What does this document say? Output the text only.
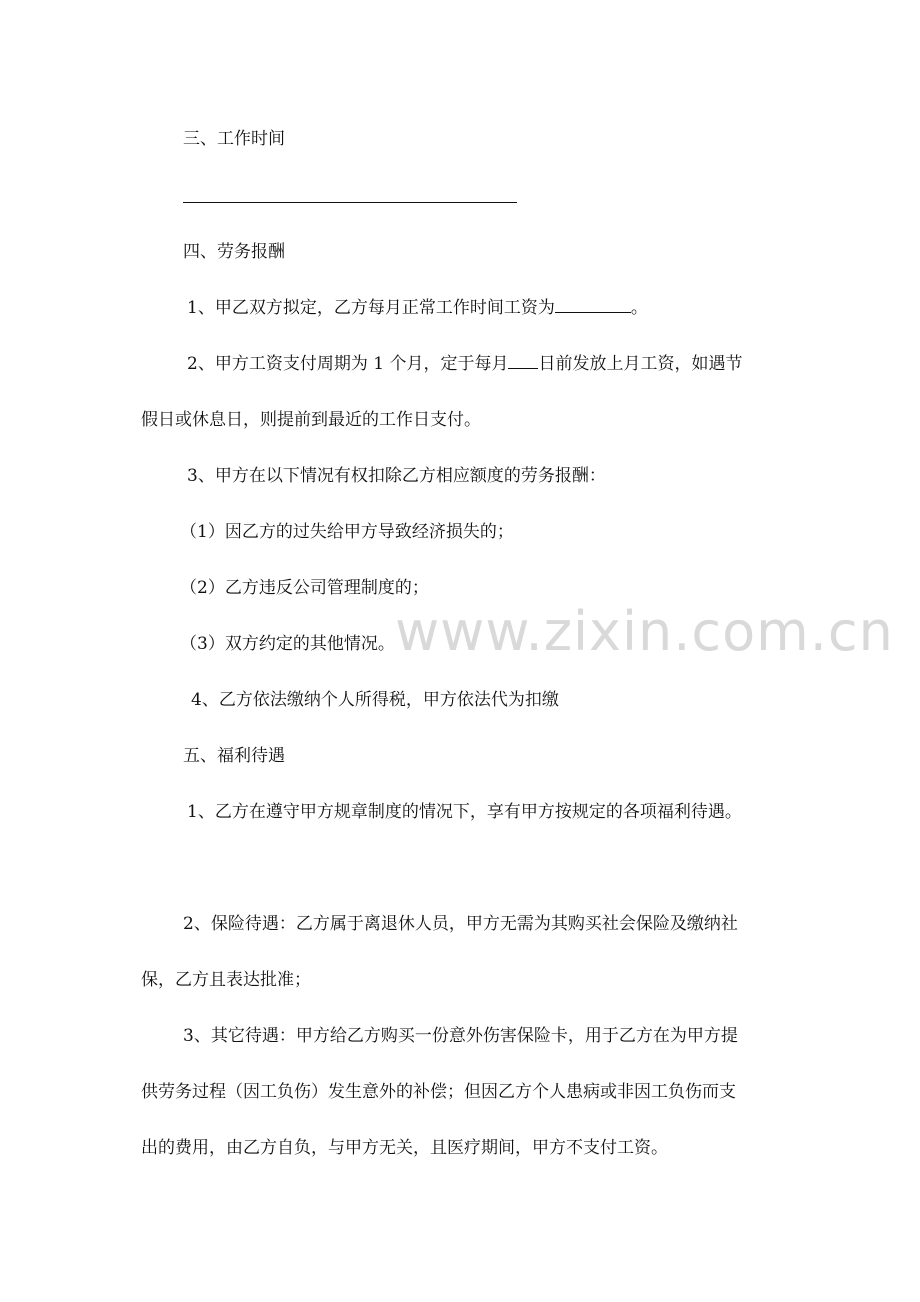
三、工作时间
四、劳务报酬
1、甲乙双方拟定，乙方每月正常工作时间工资为	。
2、甲方工资支付周期为 1 个月，定于每月 日前发放上月工资，如遇节
假日或休息日，则提前到最近的工作日支付。
3、甲方在以下情况有权扣除乙方相应额度的劳务报酬：
（1）因乙方的过失给甲方导致经济损失的；
（2）乙方违反公司管理制度的；
（3）双方约定的其他情况。
4、乙方依法缴纳个人所得税，甲方依法代为扣缴
五、福利待遇
1、乙方在遵守甲方规章制度的情况下，享有甲方按规定的各项福利待遇。
2、保险待遇：乙方属于离退休人员，甲方无需为其购买社会保险及缴纳社
保，乙方且表达批准；
3、其它待遇：甲方给乙方购买一份意外伤害保险卡，用于乙方在为甲方提
供劳务过程（因工负伤）发生意外的补偿；但因乙方个人患病或非因工负伤而支
出的费用，由乙方自负，与甲方无关，且医疗期间，甲方不支付工资。
www.zixin.com.cn
